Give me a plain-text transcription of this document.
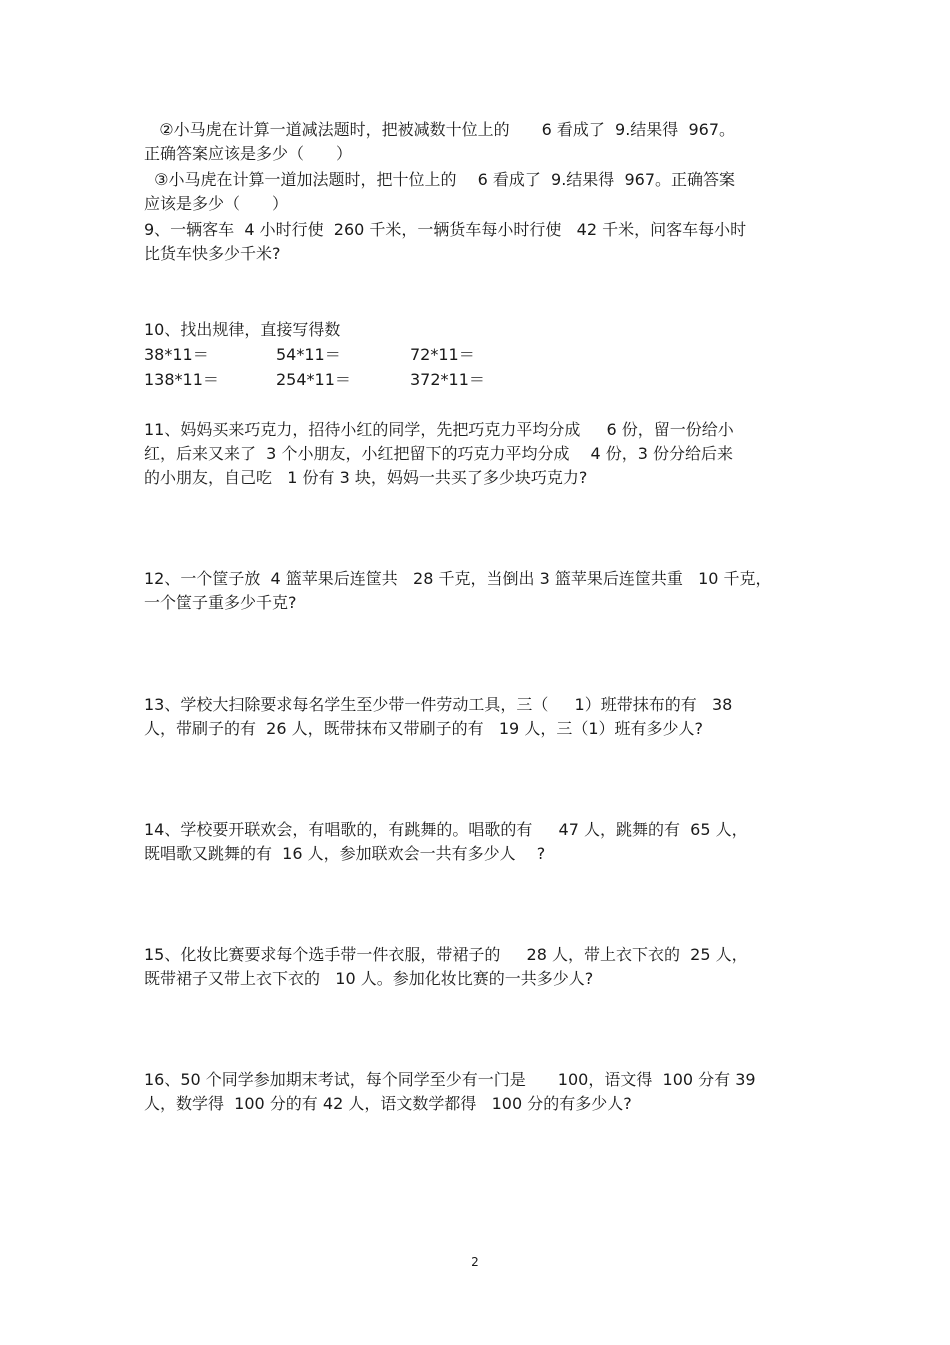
②小马虎在计算一道减法题时，把被减数十位上的　　6 看成了  9.结果得  967。
正确答案应该是多少（　　）
③小马虎在计算一道加法题时，把十位上的　 6 看成了  9.结果得  967。正确答案
应该是多少（　　）
9、一辆客车  4 小时行使  260 千米，一辆货车每小时行使   42 千米，问客车每小时
比货车快多少千米?
10、找出规律，直接写得数
38*11＝	54*11＝	72*11＝
138*11＝	254*11＝	372*11＝
11、妈妈买来巧克力，招待小红的同学，先把巧克力平均分成　  6 份，留一份给小
红，后来又来了  3 个小朋友，小红把留下的巧克力平均分成　 4 份，3 份分给后来
的小朋友，自己吃   1 份有 3 块，妈妈一共买了多少块巧克力?
12、一个筐子放  4 篮苹果后连筐共   28 千克，当倒出 3 篮苹果后连筐共重   10 千克，
一个筐子重多少千克?
13、学校大扫除要求每名学生至少带一件劳动工具，三（　  1）班带抹布的有   38
人，带刷子的有  26 人，既带抹布又带刷子的有   19 人，三（1）班有多少人?
14、学校要开联欢会，有唱歌的，有跳舞的。唱歌的有　  47 人，跳舞的有  65 人，
既唱歌又跳舞的有  16 人，参加联欢会一共有多少人　 ?
15、化妆比赛要求每个选手带一件衣服，带裙子的　  28 人，带上衣下衣的  25 人，
既带裙子又带上衣下衣的   10 人。参加化妆比赛的一共多少人?
16、50 个同学参加期末考试，每个同学至少有一门是　　100，语文得  100 分有 39
人，数学得  100 分的有 42 人，语文数学都得   100 分的有多少人?
2
